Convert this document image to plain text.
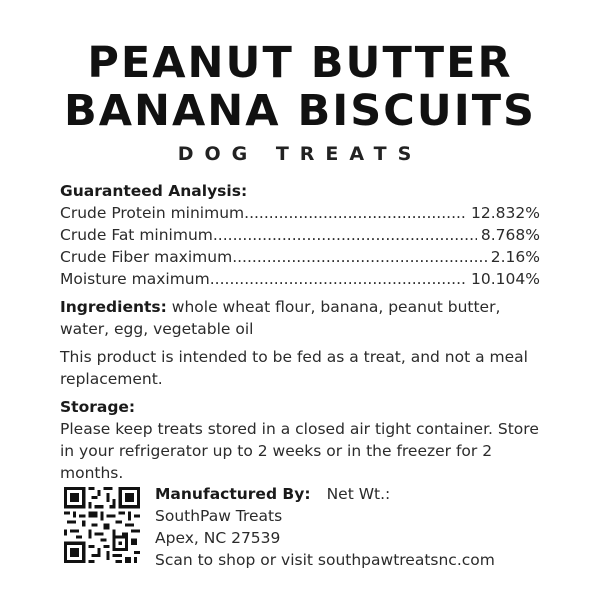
PEANUT BUTTER
BANANA BISCUITS
DOG TREATS
Guaranteed Analysis:
Crude Protein minimum .....	12.832%
Crude Fat minimum .....	8.768%
Crude Fiber maximum .....	2.16%
Moisture maximum .....	10.104%

Ingredients: whole wheat flour, banana, peanut butter, water, egg, vegetable oil

This product is intended to be fed as a treat, and not a meal replacement.

Storage:

Please keep treats stored in a closed air tight container. Store in your refrigerator up to 2 weeks or in the freezer for 2 months.

Manufactured By: Net Wt.:
SouthPaw Treats
Apex, NC 27539
Scan to shop or visit southpawtreatsnc.com
